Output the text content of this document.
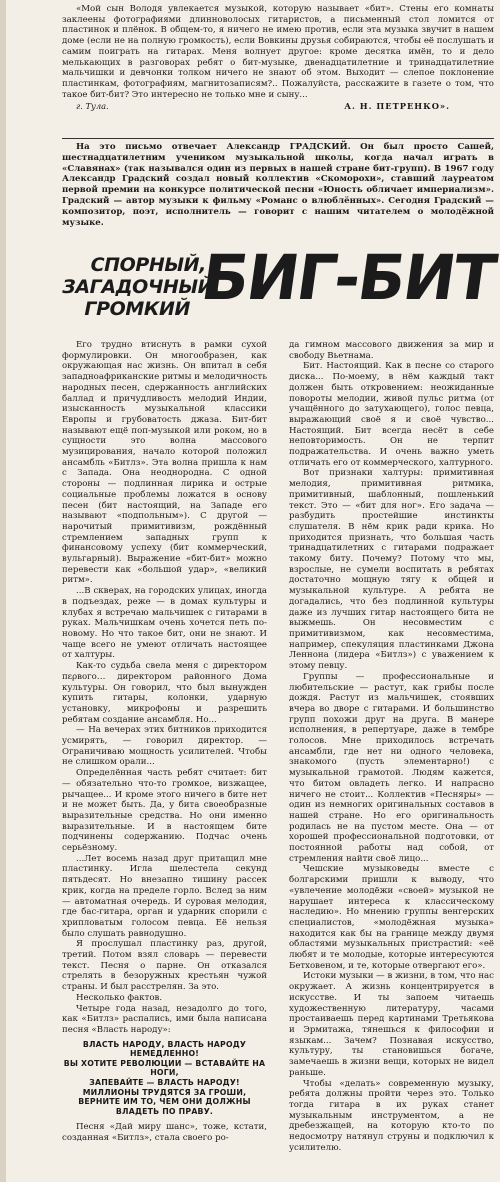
«Мой сын Володя увлекается музыкой, которую называет «бит». Стены его комнаты заклеены фотографиями длинноволосых гитаристов, а письменный стол ломится от пластинок и плёнок. В общем-то, я ничего не имею против, если эта музыка звучит в нашем доме (если не на полную громкость), если Вовкины друзья собираются, чтобы её послушать и самим поиграть на гитарах. Меня волнует другое: кроме десятка имён, то и дело мелькающих в разговорах ребят о бит-музыке, двенадцатилетние и тринадцатилетние мальчишки и девчонки толком ничего не знают об этом. Выходит — слепое поклонение пластинкам, фотографиям, магнитозаписям?.. Пожалуйста, расскажите в газете о том, что такое бит-бит? Это интересно не только мне и сыну...

г. Тула.	А. Н. ПЕТРЕНКО».

На это письмо отвечает Александр ГРАДСКИЙ. Он был просто Сашей, шестнадцатилетним учеником музыкальной школы, когда начал играть в «Славянах» (так назывался один из первых в нашей стране бит-групп). В 1967 году Александр Градский создал новый коллектив «Скоморохи», ставший лауреатом первой премии на конкурсе политической песни «Юность обличает империализм». Градский — автор музыки к фильму «Романс о влюблённых». Сегодня Градский — композитор, поэт, исполнитель — говорит с нашим читателем о молодёжной музыке.

СПОРНЫЙ,
ЗАГАДОЧНЫЙ,
ГРОМКИЙ БИГ-БИТ

Его трудно втиснуть в рамки сухой формулировки. Он многообразен, как окружающая нас жизнь. Он впитал в себя западноафриканские ритмы и мелодичность народных песен, сдержанность английских баллад и причудливость мелодий Индии, изысканность музыкальной классики Европы и грубоватость джаза. Бит-бит называют ещё поп-музыкой или роком, но в сущности это волна массового музицирования, начало которой положил ансамбль «Битлз». Эта волна пришла к нам с Запада. Она неоднородна. С одной стороны — подлинная лирика и острые социальные проблемы ложатся в основу песен (бит настоящий, на Западе его называют «подпольным»). С другой — нарочитый примитивизм, рождённый стремлением западных групп к финансовому успеху (бит коммерческий, вульгарный). Выражение «бит-бит» можно перевести как «большой удар», «великий ритм».

...В скверах, на городских улицах, иногда в подъездах, реже — в домах культуры и клубах я встречаю мальчишек с гитарами в руках. Мальчишкам очень хочется петь по-новому. Но что такое бит, они не знают. И чаще всего не умеют отличать настоящее от халтуры.

Как-то судьба свела меня с директором περвого… директором районного Дома культуры. Он говорил, что был вынужден купить гитары, колонки, ударную установку, микрофоны и разрешить ребятам создание ансамбля. Но...

— На вечерах этих битников приходится усмирять, — говорил директор. — Ограничиваю мощность усилителей. Чтобы не слишком орали...

Определённая часть ребят считает: бит — обязательно что-то громкое, визжащее, рычащее... И кроме этого ничего в бите нет и не может быть. Да, у бита своеобразные выразительные средства. Но они именно выразительные. И в настоящем бите подчинены содержанию. Подчас очень серьёзному.

...Лет восемь назад друг притащил мне пластинку. Игла шелестела секунд пятьдесят. Но внезапно тишину рассек крик, когда на пределе горло. Вслед за ним — автоматная очередь. И суровая мелодия, где бас-гитара, орган и ударник спорили с хрипловатым голосом певца. Её нельзя было слушать равнодушно.

Я прослушал пластинку раз, другой, третий. Потом взял словарь — перевести текст. Песня о парне. Он отказался стрелять в безоружных крестьян чужой страны. И был расстрелян. За это.

Несколько фактов.

Четыре года назад, незадолго до того, как «Битлз» распались, ими была написана песня «Власть народу»:

ВЛАСТЬ НАРОДУ, ВЛАСТЬ НАРОДУ НЕМЕДЛЕННО!
ВЫ ХОТИТЕ РЕВОЛЮЦИИ — ВСТАВАЙТЕ НА НОГИ,
ЗАПЕВАЙТЕ — ВЛАСТЬ НАРОДУ!
МИЛЛИОНЫ ТРУДЯТСЯ ЗА ГРОШИ,
ВЕРНИТЕ ИМ ТО, ЧЕМ ОНИ ДОЛЖНЫ ВЛАДЕТЬ ПО ПРАВУ.

Песня «Дай миру шанс», тоже, кстати, созданная «Битлз», стала своего ро-

да гимном массового движения за мир и свободу Вьетнама.

Бит. Настоящий. Как в песне со старого диска... По-моему, в нём каждый такт должен быть откровением: неожиданные повороты мелодии, живой пульс ритма (от учащённого до затухающего), голос певца, выражающий своё я и своё чувство... Настоящий. Бит всегда несёт в себе неповторимость. Он не терпит подражательства. И очень важно уметь отличать его от коммерческого, халтурного.

Вот признаки халтуры: примитивная мелодия, примитивная ритмика, примитивный, шаблонный, пошленький текст. Это — «бит для ног». Его задача — разбудить простейшие инстинкты слушателя. В нём крик ради крика. Но приходится признать, что большая часть тринадцатилетних с гитарами подражает такому биту. Почему? Потому что мы, взрослые, не сумели воспитать в ребятах достаточно мощную тягу к общей и музыкальной культуре. А ребята не догадались, что без подлинной культуры даже из лучших гитар настоящего бита не выжмешь. Он несовместим с примитивизмом, как несовместима, например, спекуляция пластинками Джона Леннона (лидера «Битлз») с уважением к этому певцу.

Группы — профессиональные и любительские — растут, как грибы после дождя. Растут из мальчишек, стоявших вчера во дворе с гитарами. И большинство групп похожи друг на друга. В манере исполнения, в репертуаре, даже в тембре голосов. Мне приходилось встречать ансамбли, где нет ни одного человека, знакомого (пусть элементарно!) с музыкальной грамотой. Людям кажется, что битом овладеть легко. И напрасно ничего не стоит... Коллектив «Песняры» — один из немногих оригинальных составов в нашей стране. Но его оригинальность родилась не на пустом месте. Она — от хорошей профессиональной подготовки, от постоянной работы над собой, от стремления найти своё лицо...

Чешские музыковеды вместе с болгарскими пришли к выводу, что «увлечение молодёжи «своей» музыкой не нарушает интереса к классическому наследию». Но мнению группы венгерских специалистов, «молодёжная музыка» находится как бы на границе между двумя областями музыкальных пристрастий: «её любят и те молодые, которые интересуются Бетховеном, и те, которые отвергают его».

Истоки музыки — в жизни, в том, что нас окружает. А жизнь концентрируется в искусстве. И ты запоем читаешь художественную литературу, часами простаиваешь перед картинами Третьякова и Эрмитажа, тянешься к философии и языкам... Зачем? Познавая искусство, культуру, ты становишься богаче, замечаешь в жизни вещи, которых не видел раньше.

Чтобы «делать» современную музыку, ребята должны пройти через это. Только тогда гитара в их руках станет музыкальным инструментом, а не дребезжащей, на которую кто-то по недосмотру натянул струны и подключил к усилителю.
